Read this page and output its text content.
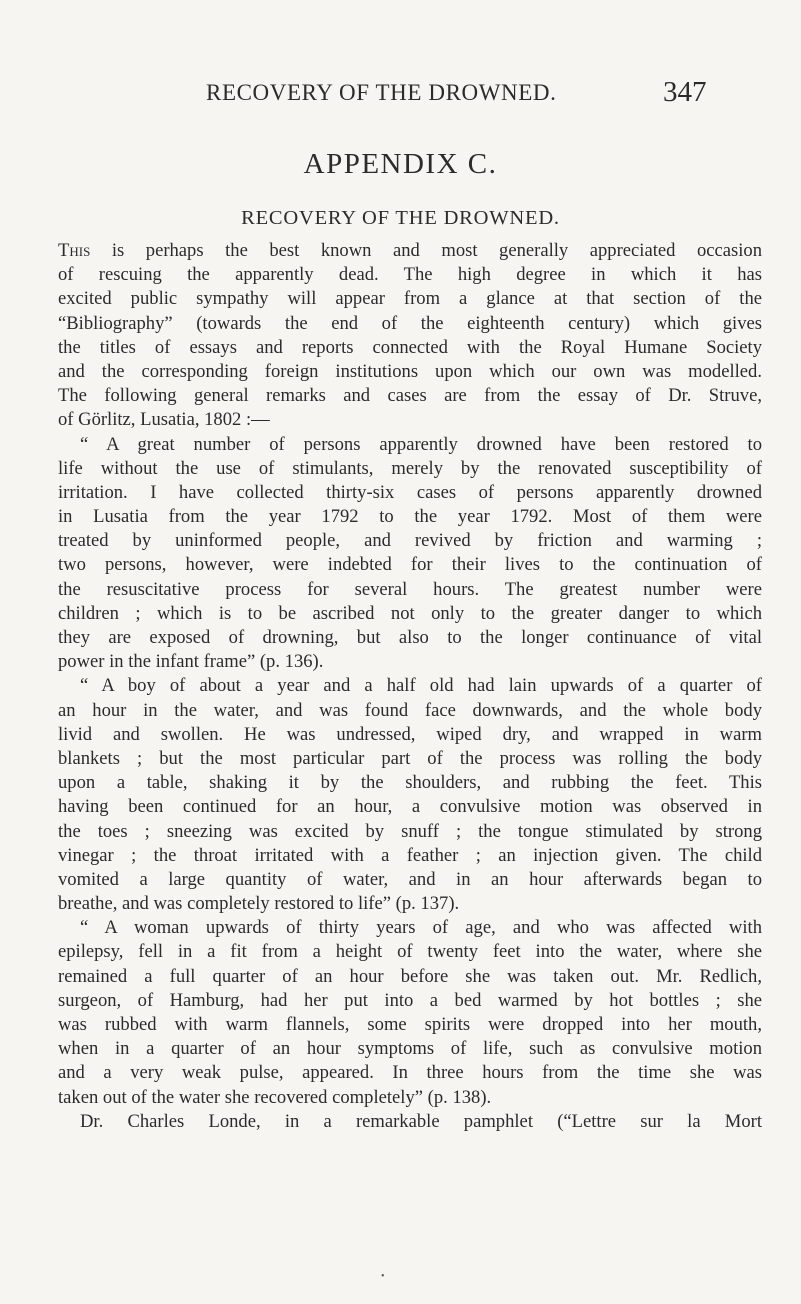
RECOVERY OF THE DROWNED.	347
APPENDIX C.
RECOVERY OF THE DROWNED.
This is perhaps the best known and most generally appreciated occasion
of rescuing the apparently dead. The high degree in which it has
excited public sympathy will appear from a glance at that section of the
“Bibliography” (towards the end of the eighteenth century) which gives
the titles of essays and reports connected with the Royal Humane Society
and the corresponding foreign institutions upon which our own was modelled.
The following general remarks and cases are from the essay of Dr. Struve,
of Görlitz, Lusatia, 1802 :—
“ A great number of persons apparently drowned have been restored to
life without the use of stimulants, merely by the renovated susceptibility of
irritation. I have collected thirty-six cases of persons apparently drowned
in Lusatia from the year 1792 to the year 1792. Most of them were
treated by uninformed people, and revived by friction and warming ;
two persons, however, were indebted for their lives to the continuation of
the resuscitative process for several hours. The greatest number were
children ; which is to be ascribed not only to the greater danger to which
they are exposed of drowning, but also to the longer continuance of vital
power in the infant frame” (p. 136).
“ A boy of about a year and a half old had lain upwards of a quarter of
an hour in the water, and was found face downwards, and the whole body
livid and swollen. He was undressed, wiped dry, and wrapped in warm
blankets ; but the most particular part of the process was rolling the body
upon a table, shaking it by the shoulders, and rubbing the feet. This
having been continued for an hour, a convulsive motion was observed in
the toes ; sneezing was excited by snuff ; the tongue stimulated by strong
vinegar ; the throat irritated with a feather ; an injection given. The child
vomited a large quantity of water, and in an hour afterwards began to
breathe, and was completely restored to life” (p. 137).
“ A woman upwards of thirty years of age, and who was affected with
epilepsy, fell in a fit from a height of twenty feet into the water, where she
remained a full quarter of an hour before she was taken out. Mr. Redlich,
surgeon, of Hamburg, had her put into a bed warmed by hot bottles ; she
was rubbed with warm flannels, some spirits were dropped into her mouth,
when in a quarter of an hour symptoms of life, such as convulsive motion
and a very weak pulse, appeared. In three hours from the time she was
taken out of the water she recovered completely” (p. 138).
Dr. Charles Londe, in a remarkable pamphlet (“Lettre sur la Mort
•
